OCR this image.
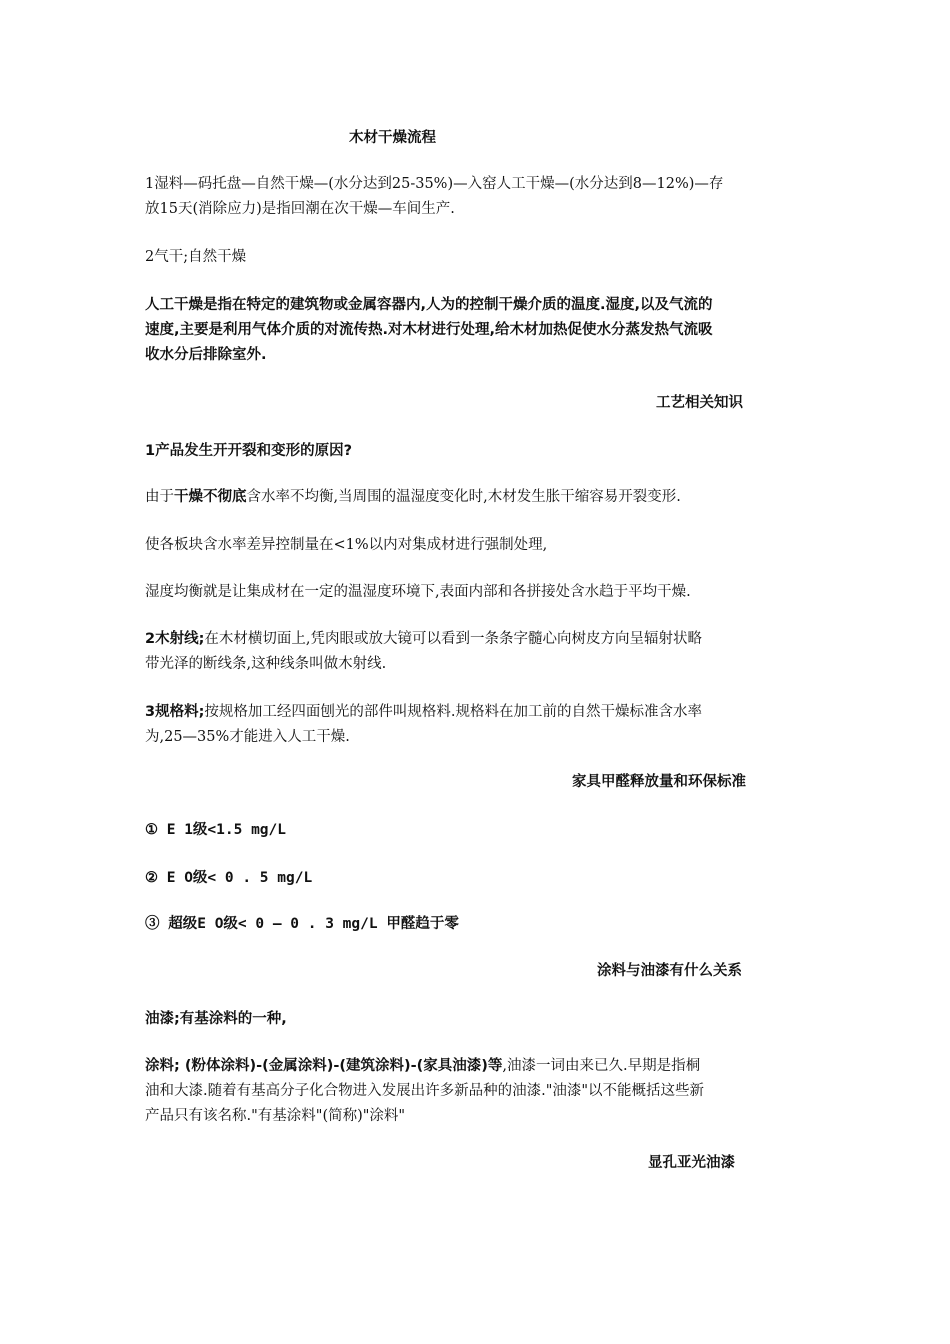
木材干燥流程
1湿料—码托盘—自然干燥—(水分达到25-35%)—入窑人工干燥—(水分达到8—12%)—存
放15天(消除应力)是指回潮在次干燥—车间生产.
2气干;自然干燥
人工干燥是指在特定的建筑物或金属容器内,人为的控制干燥介质的温度.湿度,以及气流的
速度,主要是利用气体介质的对流传热.对木材进行处理,给木材加热促使水分蒸发热气流吸
收水分后排除室外.
工艺相关知识
1产品发生开开裂和变形的原因?
由于干燥不彻底含水率不均衡,当周围的温湿度变化时,木材发生胀干缩容易开裂变形.
使各板块含水率差异控制量在<1%以内对集成材进行强制处理,
湿度均衡就是让集成材在一定的温湿度环境下,表面内部和各拼接处含水趋于平均干燥.
2木射线;在木材横切面上,凭肉眼或放大镜可以看到一条条字髓心向树皮方向呈辐射状略
带光泽的断线条,这种线条叫做木射线.
3规格料;按规格加工经四面刨光的部件叫规格料.规格料在加工前的自然干燥标准含水率
为,25—35%才能进入人工干燥.
家具甲醛释放量和环保标准
① E 1级<1.5 mg/L
② E O级< 0 . 5 mg/L
③ 超级E O级< 0 — 0 . 3 mg/L 甲醛趋于零
涂料与油漆有什么关系
油漆;有基涂料的一种,
涂料; (粉体涂料)-(金属涂料)-(建筑涂料)-(家具油漆)等,油漆一词由来已久.早期是指桐
油和大漆.随着有基高分子化合物进入发展出许多新品种的油漆."油漆"以不能概括这些新
产品只有该名称."有基涂料"(简称)"涂料"
显孔亚光油漆
